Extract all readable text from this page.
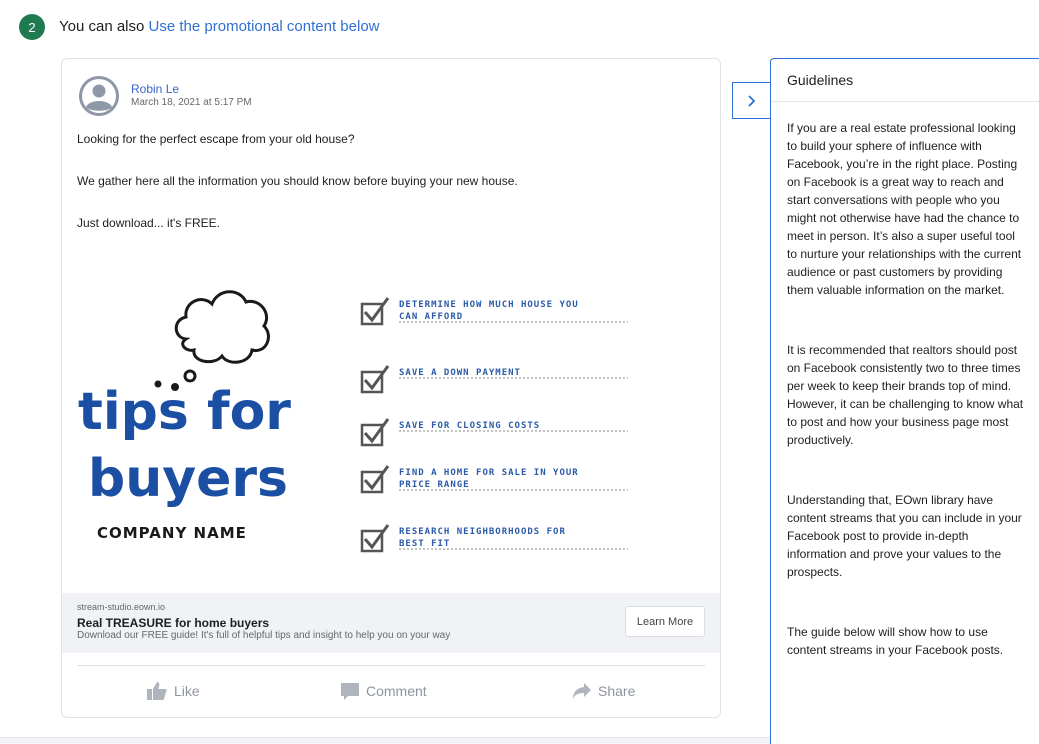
2	You can also Use the promotional content below
Robin Le
March 18, 2021 at 5:17 PM
Looking for the perfect escape from your old house?
We gather here all the information you should know before buying your new house.
Just download... it's FREE.
tips for
buyers
COMPANY NAME
DETERMINE HOW MUCH HOUSE YOU
CAN AFFORD
SAVE A DOWN PAYMENT
SAVE FOR CLOSING COSTS
FIND A HOME FOR SALE IN YOUR
PRICE RANGE
RESEARCH NEIGHBORHOODS FOR
BEST FIT
stream-studio.eown.io
Real TREASURE for home buyers
Download our FREE guide! It's full of helpful tips and insight to help you on your way
Learn More
Like	Comment	Share
Guidelines

If you are a real estate professional looking to build your sphere of influence with Facebook, you’re in the right place. Posting on Facebook is a great way to reach and start conversations with people who you might not otherwise have had the chance to meet in person. It’s also a super useful tool to nurture your relationships with the current audience or past customers by providing them valuable information on the market.

It is recommended that realtors should post on Facebook consistently two to three times per week to keep their brands top of mind. However, it can be challenging to know what to post and how your business page most productively.

Understanding that, EOwn library have content streams that you can include in your Facebook post to provide in-depth information and prove your values to the prospects.

The guide below will show how to use content streams in your Facebook posts.
